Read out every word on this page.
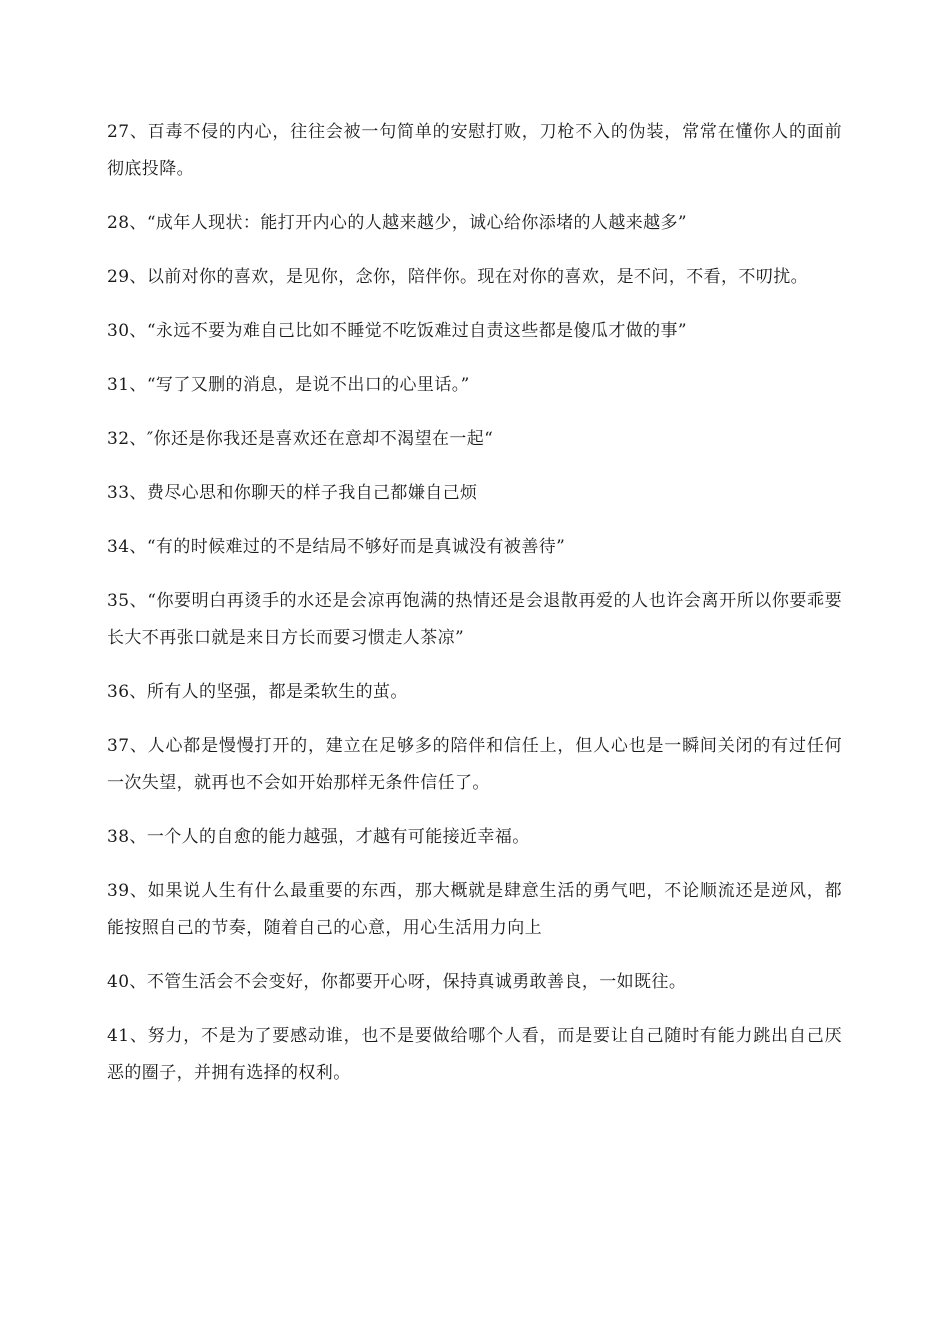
27、百毒不侵的内心，往往会被一句简单的安慰打败，刀枪不入的伪装，常常在懂你人的面前彻底投降。

28、“成年人现状：能打开内心的人越来越少，诚心给你添堵的人越来越多”

29、以前对你的喜欢，是见你，念你，陪伴你。现在对你的喜欢，是不问，不看，不叨扰。

30、“永远不要为难自己比如不睡觉不吃饭难过自责这些都是傻瓜才做的事”

31、“写了又删的消息，是说不出口的心里话。”

32、″你还是你我还是喜欢还在意却不渴望在一起“

33、费尽心思和你聊天的样子我自己都嫌自己烦

34、“有的时候难过的不是结局不够好而是真诚没有被善待”

35、“你要明白再烫手的水还是会凉再饱满的热情还是会退散再爱的人也许会离开所以你要乖要长大不再张口就是来日方长而要习惯走人茶凉”

36、所有人的坚强，都是柔软生的茧。

37、人心都是慢慢打开的，建立在足够多的陪伴和信任上，但人心也是一瞬间关闭的有过任何一次失望，就再也不会如开始那样无条件信任了。

38、一个人的自愈的能力越强，才越有可能接近幸福。

39、如果说人生有什么最重要的东西，那大概就是肆意生活的勇气吧，不论顺流还是逆风，都能按照自己的节奏，随着自己的心意，用心生活用力向上

40、不管生活会不会变好，你都要开心呀，保持真诚勇敢善良，一如既往。

41、努力，不是为了要感动谁，也不是要做给哪个人看，而是要让自己随时有能力跳出自己厌恶的圈子，并拥有选择的权利。
